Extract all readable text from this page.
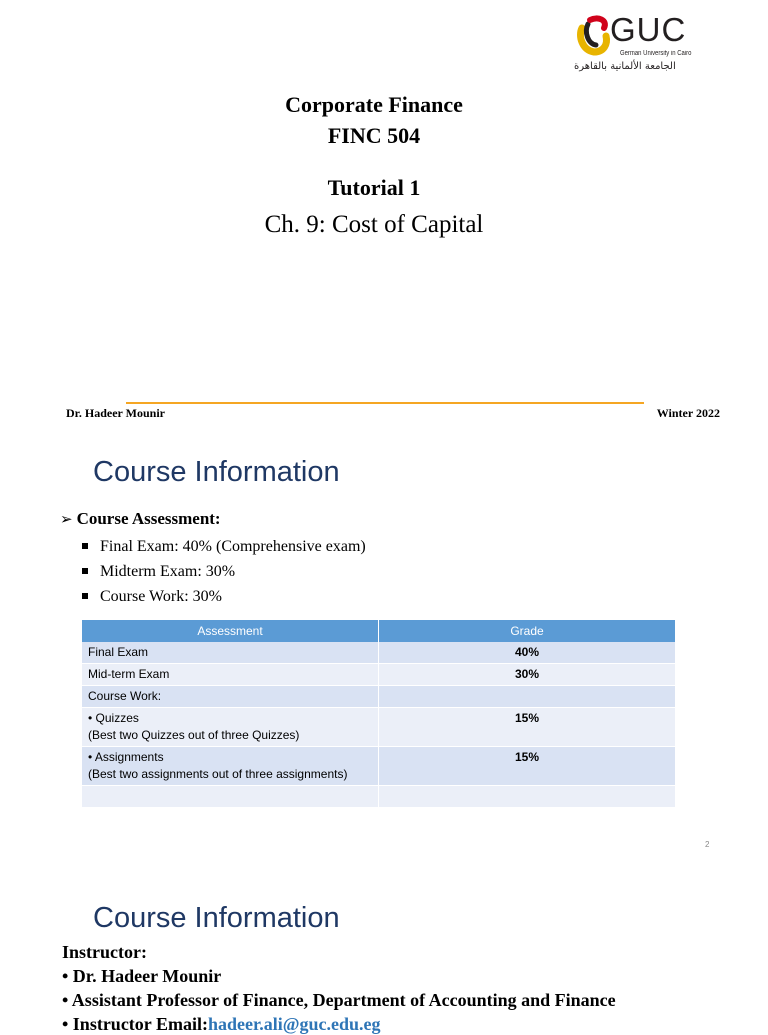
GUC
German University in Cairo
الجامعة الألمانية بالقاهرة
Corporate Finance
FINC 504
Tutorial 1
Ch. 9: Cost of Capital
Dr. Hadeer Mounir	Winter 2022
Course Information
➢ Course Assessment:
Final Exam: 40% (Comprehensive exam)
Midterm Exam: 30%
Course Work: 30%
Assessment	Grade
Final Exam	40%
Mid-term Exam	30%
Course Work:	

• Quizzes
(Best two Quizzes out of three Quizzes)	15%

• Assignments
(Best two assignments out of three assignments)	15%

2
Course Information
Instructor:
• Dr. Hadeer Mounir
• Assistant Professor of Finance, Department of Accounting and Finance
• Instructor Email:hadeer.ali@guc.edu.eg
